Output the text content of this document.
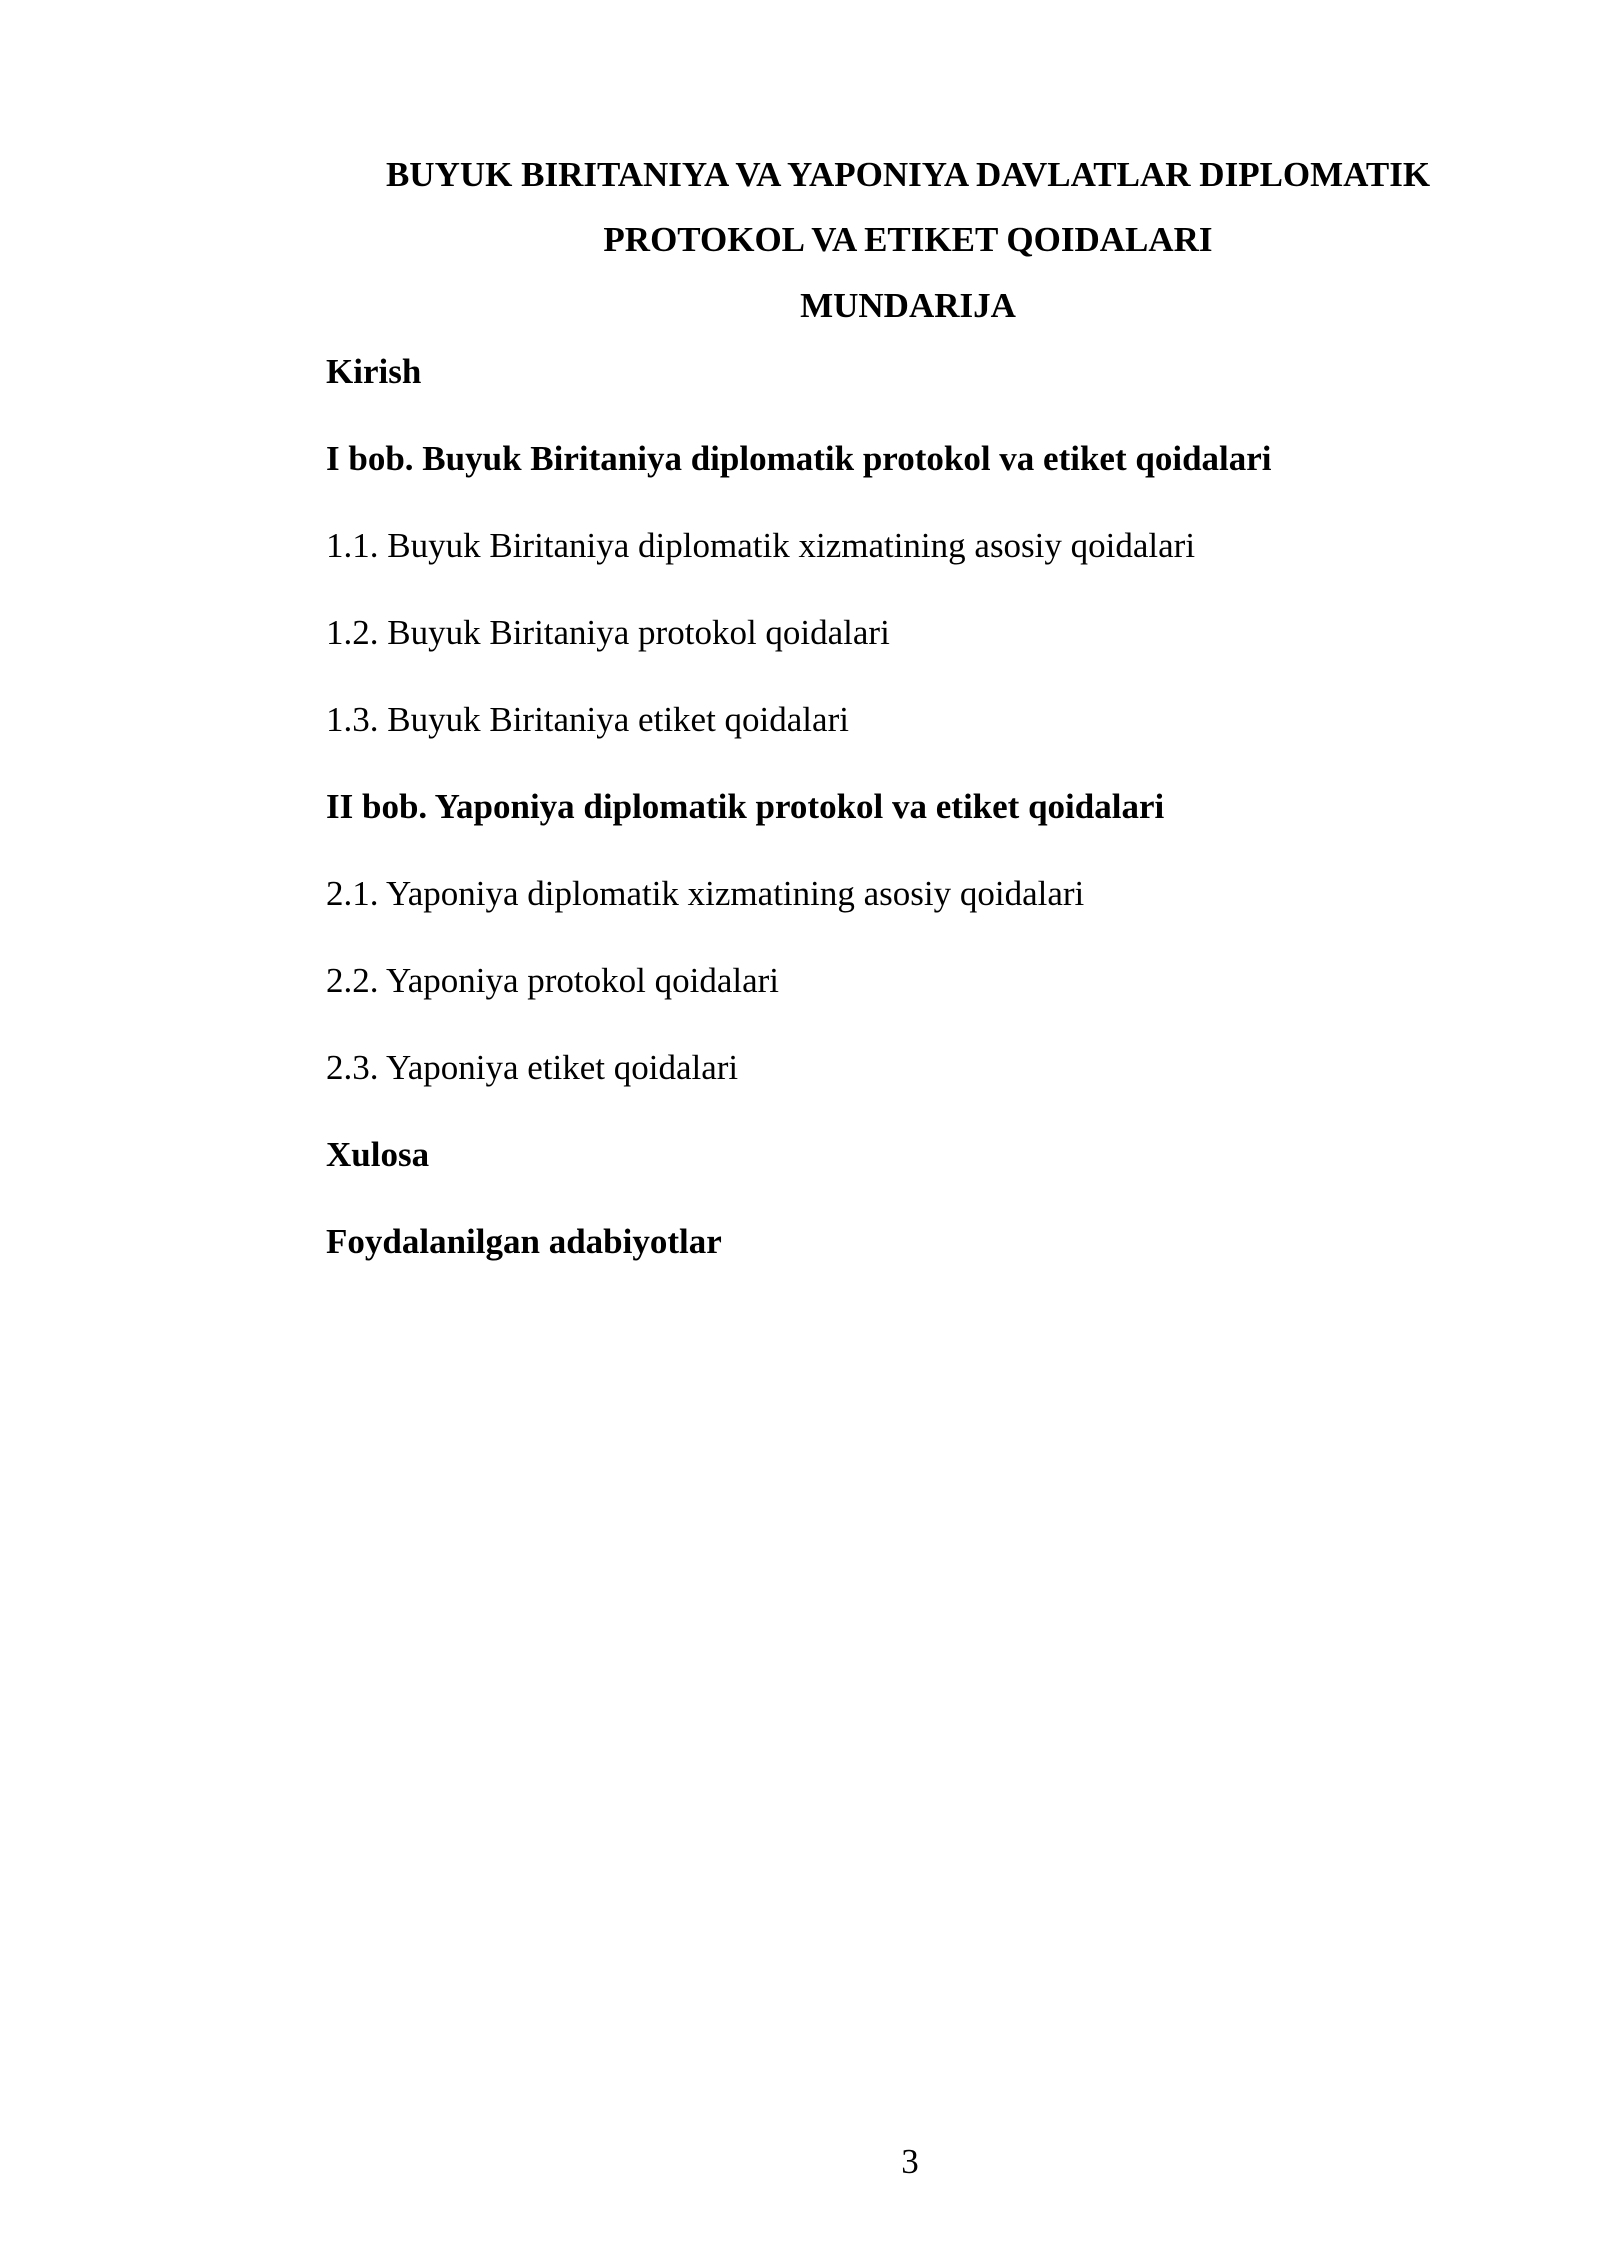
BUYUK BIRITANIYA VA YAPONIYA DAVLATLAR DIPLOMATIK
PROTOKOL VA ETIKET QOIDALARI
MUNDARIJA
Kirish
I bob. Buyuk Biritaniya diplomatik protokol va etiket qoidalari
1.1. Buyuk Biritaniya diplomatik xizmatining asosiy qoidalari
1.2. Buyuk Biritaniya protokol qoidalari
1.3. Buyuk Biritaniya etiket qoidalari
II bob. Yaponiya diplomatik protokol va etiket qoidalari
2.1. Yaponiya diplomatik xizmatining asosiy qoidalari
2.2. Yaponiya protokol qoidalari
2.3. Yaponiya etiket qoidalari
Xulosa
Foydalanilgan adabiyotlar
3
